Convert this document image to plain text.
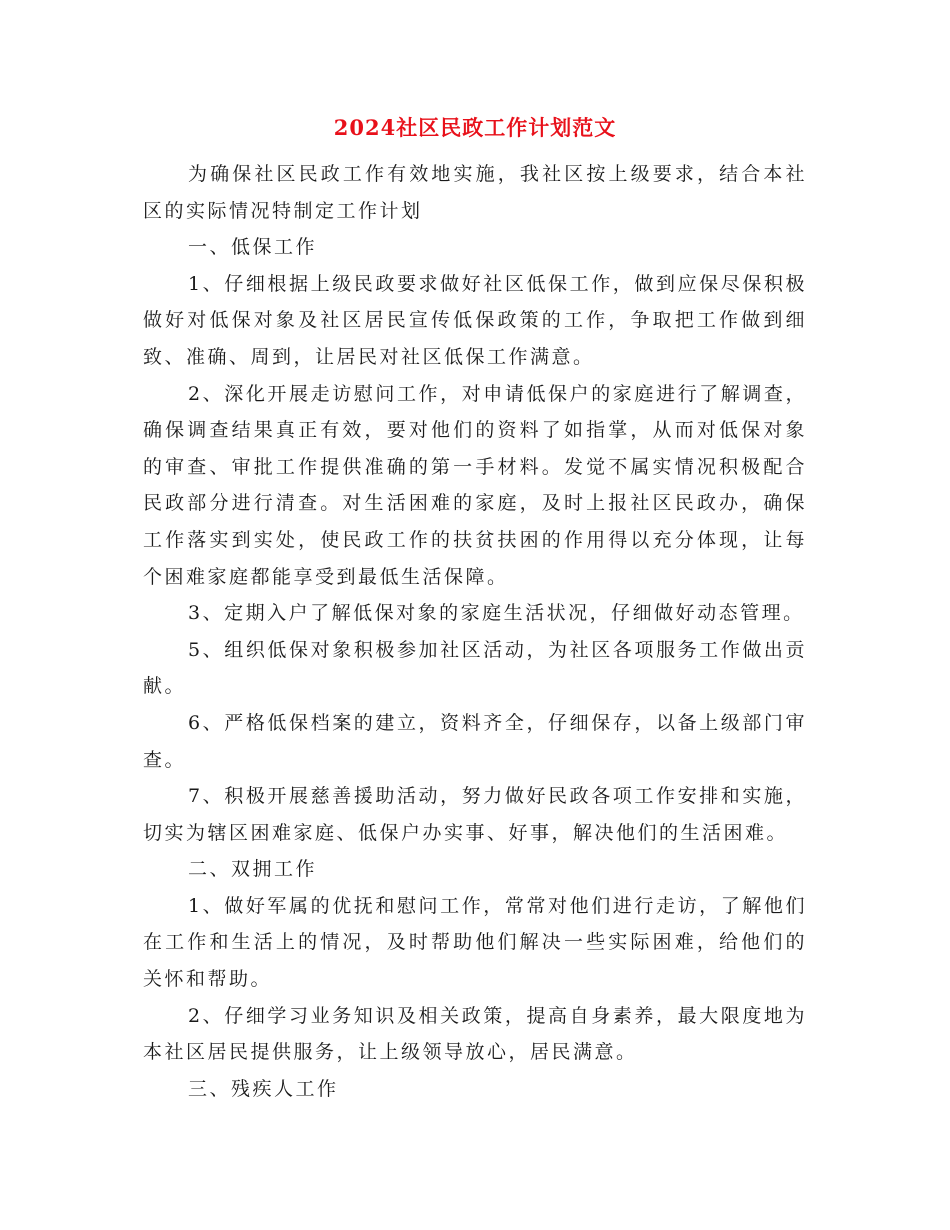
2024社区民政工作计划范文

为确保社区民政工作有效地实施，我社区按上级要求，结合本社区的实际情况特制定工作计划

一、低保工作

1、仔细根据上级民政要求做好社区低保工作，做到应保尽保积极做好对低保对象及社区居民宣传低保政策的工作，争取把工作做到细致、准确、周到，让居民对社区低保工作满意。

2、深化开展走访慰问工作，对申请低保户的家庭进行了解调查，确保调查结果真正有效，要对他们的资料了如指掌，从而对低保对象的审查、审批工作提供准确的第一手材料。发觉不属实情况积极配合民政部分进行清查。对生活困难的家庭，及时上报社区民政办，确保工作落实到实处，使民政工作的扶贫扶困的作用得以充分体现，让每个困难家庭都能享受到最低生活保障。

3、定期入户了解低保对象的家庭生活状况，仔细做好动态管理。

5、组织低保对象积极参加社区活动，为社区各项服务工作做出贡献。

6、严格低保档案的建立，资料齐全，仔细保存，以备上级部门审查。

7、积极开展慈善援助活动，努力做好民政各项工作安排和实施，切实为辖区困难家庭、低保户办实事、好事，解决他们的生活困难。

二、双拥工作

1、做好军属的优抚和慰问工作，常常对他们进行走访，了解他们在工作和生活上的情况，及时帮助他们解决一些实际困难，给他们的关怀和帮助。

2、仔细学习业务知识及相关政策，提高自身素养，最大限度地为本社区居民提供服务，让上级领导放心，居民满意。

三、残疾人工作
